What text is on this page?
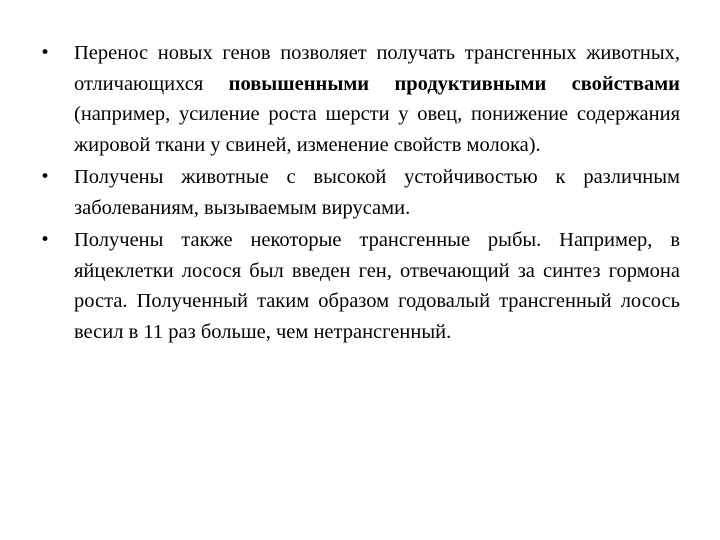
•	Перенос новых генов позволяет получать трансгенных животных, отличающихся повышенными продуктивными свойствами (например, усиление роста шерсти у овец, понижение содержания жировой ткани у свиней, изменение свойств молока).
•	Получены животные с высокой устойчивостью к различным заболеваниям, вызываемым вирусами.
•	Получены также некоторые трансгенные рыбы. Например, в яйцеклетки лосося был введен ген, отвечающий за синтез гормона роста. Полученный таким образом годовалый трансгенный лосось весил в 11 раз больше, чем нетрансгенный.
